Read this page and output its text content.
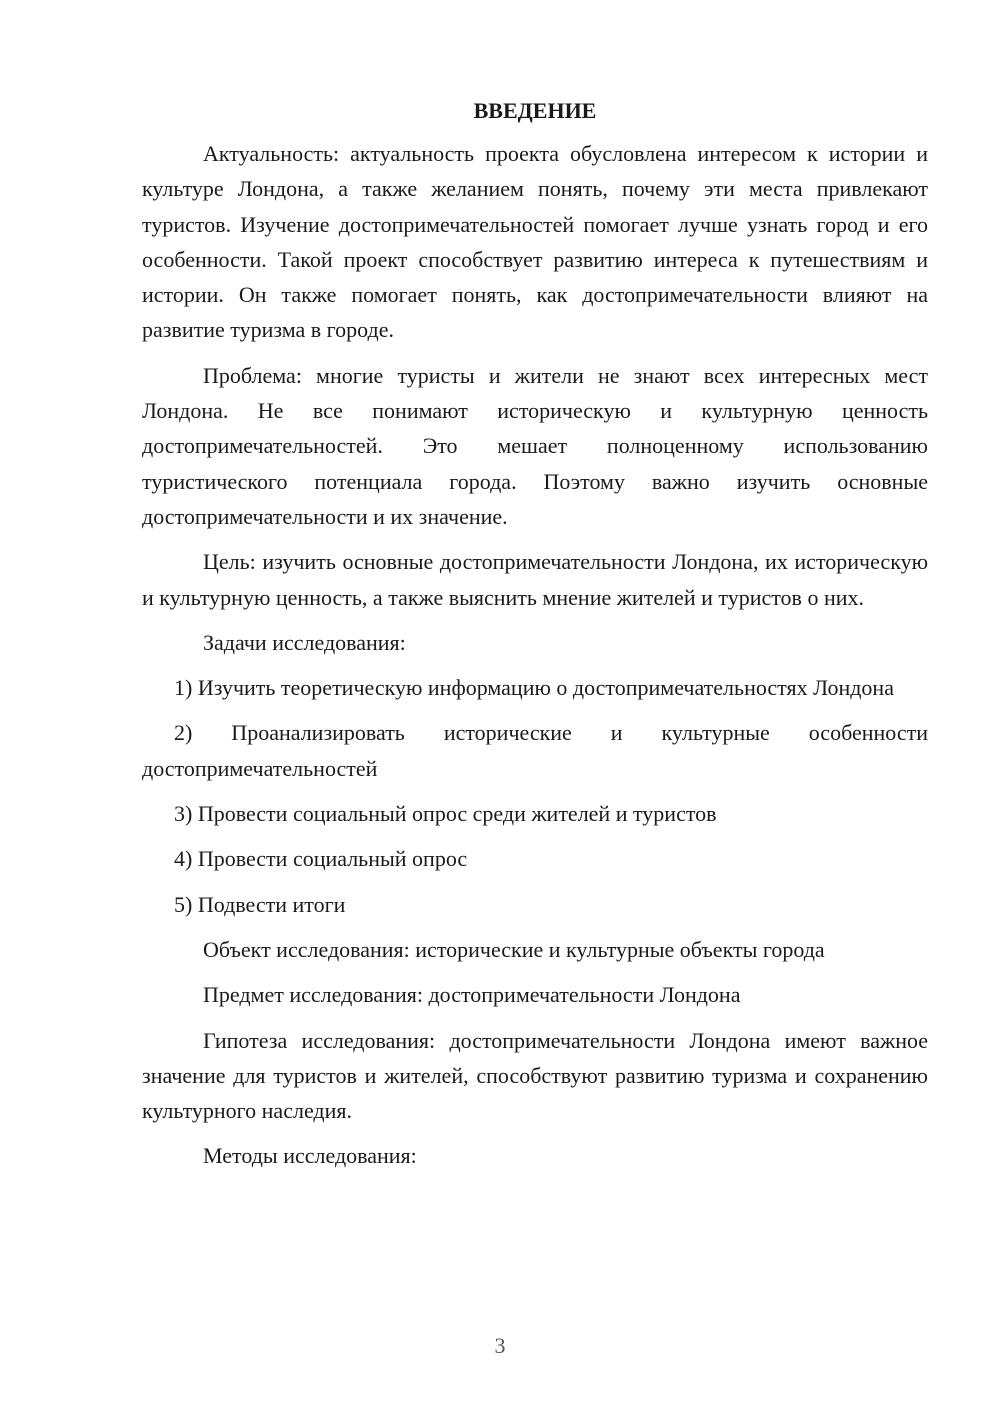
ВВЕДЕНИЕ
Актуальность: актуальность проекта обусловлена интересом к истории и культуре Лондона, а также желанием понять, почему эти места привлекают туристов. Изучение достопримечательностей помогает лучше узнать город и его особенности. Такой проект способствует развитию интереса к путешествиям и истории. Он также помогает понять, как достопримечательности влияют на развитие туризма в городе.
Проблема: многие туристы и жители не знают всех интересных мест Лондона. Не все понимают историческую и культурную ценность достопримечательностей. Это мешает полноценному использованию туристического потенциала города. Поэтому важно изучить основные достопримечательности и их значение.
Цель: изучить основные достопримечательности Лондона, их историческую и культурную ценность, а также выяснить мнение жителей и туристов о них.
Задачи исследования:
1) Изучить теоретическую информацию о достопримечательностях Лондона
2) Проанализировать исторические и культурные особенности достопримечательностей
3) Провести социальный опрос среди жителей и туристов
4) Провести социальный опрос
5) Подвести итоги
Объект исследования: исторические и культурные объекты города
Предмет исследования: достопримечательности Лондона
Гипотеза исследования: достопримечательности Лондона имеют важное значение для туристов и жителей, способствуют развитию туризма и сохранению культурного наследия.
Методы исследования:
3
